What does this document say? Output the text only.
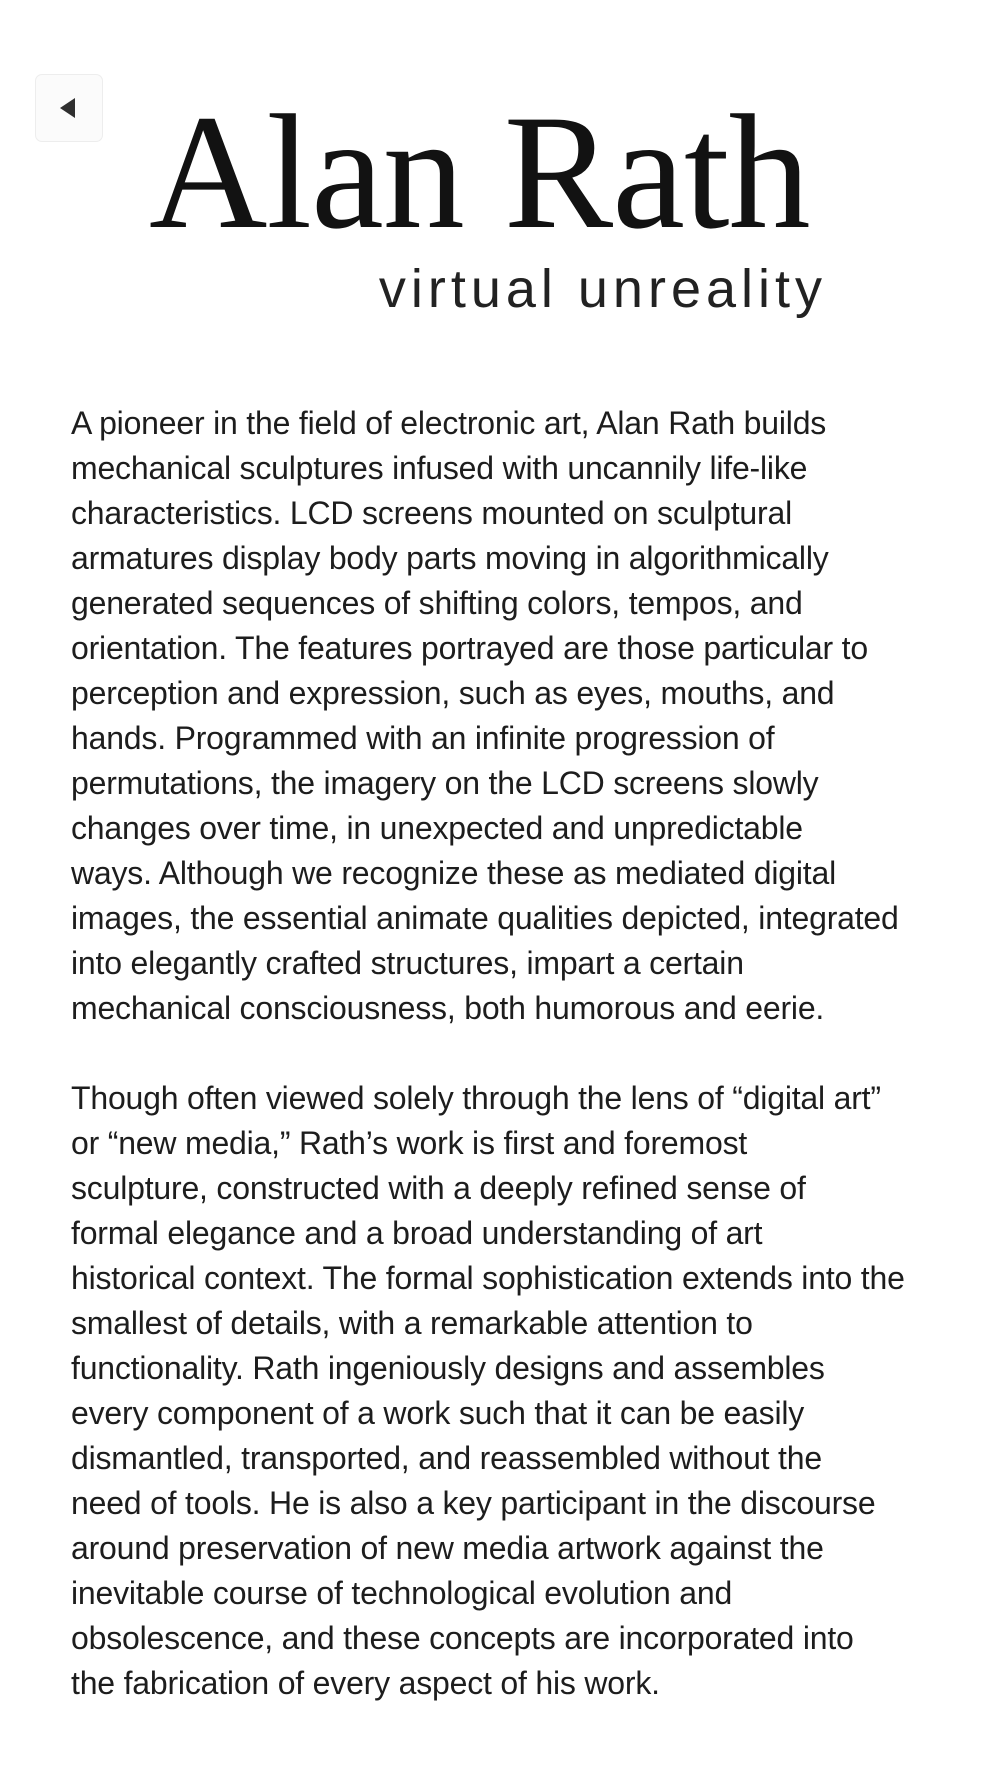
Alan Rath
virtual unreality
A pioneer in the field of electronic art, Alan Rath builds
mechanical sculptures infused with uncannily life-like
characteristics. LCD screens mounted on sculptural
armatures display body parts moving in algorithmically
generated sequences of shifting colors, tempos, and
orientation. The features portrayed are those particular to
perception and expression, such as eyes, mouths, and
hands. Programmed with an infinite progression of
permutations, the imagery on the LCD screens slowly
changes over time, in unexpected and unpredictable
ways. Although we recognize these as mediated digital
images, the essential animate qualities depicted, integrated
into elegantly crafted structures, impart a certain
mechanical consciousness, both humorous and eerie.
Though often viewed solely through the lens of “digital art”
or “new media,” Rath’s work is first and foremost
sculpture, constructed with a deeply refined sense of
formal elegance and a broad understanding of art
historical context. The formal sophistication extends into the
smallest of details, with a remarkable attention to
functionality. Rath ingeniously designs and assembles
every component of a work such that it can be easily
dismantled, transported, and reassembled without the
need of tools. He is also a key participant in the discourse
around preservation of new media artwork against the
inevitable course of technological evolution and
obsolescence, and these concepts are incorporated into
the fabrication of every aspect of his work.
